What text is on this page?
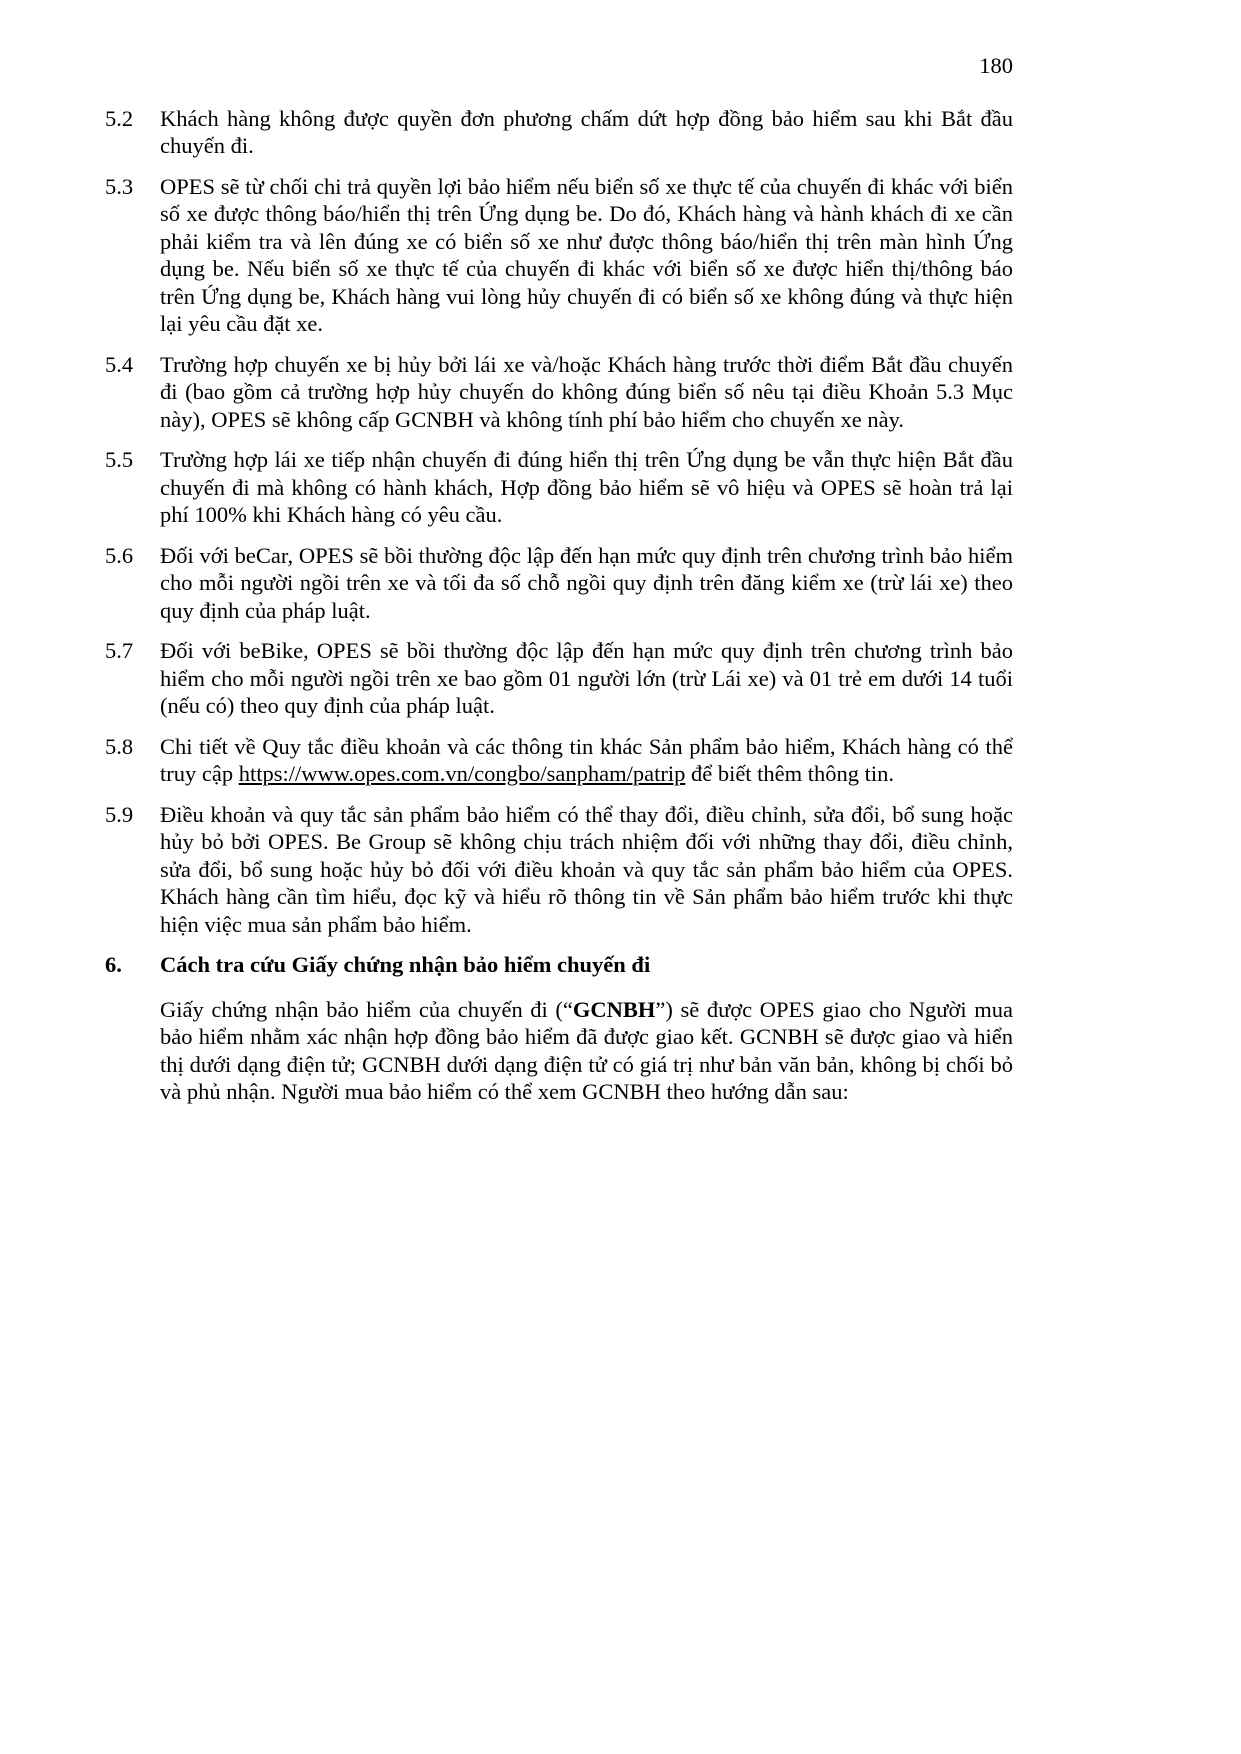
180
5.2	Khách hàng không được quyền đơn phương chấm dứt hợp đồng bảo hiểm sau khi Bắt đầu chuyến đi.
5.3	OPES sẽ từ chối chi trả quyền lợi bảo hiểm nếu biển số xe thực tế của chuyến đi khác với biển số xe được thông báo/hiển thị trên Ứng dụng be. Do đó, Khách hàng và hành khách đi xe cần phải kiểm tra và lên đúng xe có biển số xe như được thông báo/hiển thị trên màn hình Ứng dụng be. Nếu biển số xe thực tế của chuyến đi khác với biển số xe được hiển thị/thông báo trên Ứng dụng be, Khách hàng vui lòng hủy chuyến đi có biển số xe không đúng và thực hiện lại yêu cầu đặt xe.
5.4	Trường hợp chuyến xe bị hủy bởi lái xe và/hoặc Khách hàng trước thời điểm Bắt đầu chuyến đi (bao gồm cả trường hợp hủy chuyến do không đúng biển số nêu tại điều Khoản 5.3 Mục này), OPES sẽ không cấp GCNBH và không tính phí bảo hiểm cho chuyến xe này.
5.5	Trường hợp lái xe tiếp nhận chuyến đi đúng hiển thị trên Ứng dụng be vẫn thực hiện Bắt đầu chuyến đi mà không có hành khách, Hợp đồng bảo hiểm sẽ vô hiệu và OPES sẽ hoàn trả lại phí 100% khi Khách hàng có yêu cầu.
5.6	Đối với beCar, OPES sẽ bồi thường độc lập đến hạn mức quy định trên chương trình bảo hiểm cho mỗi người ngồi trên xe và tối đa số chỗ ngồi quy định trên đăng kiểm xe (trừ lái xe) theo quy định của pháp luật.
5.7	Đối với beBike, OPES sẽ bồi thường độc lập đến hạn mức quy định trên chương trình bảo hiểm cho mỗi người ngồi trên xe bao gồm 01 người lớn (trừ Lái xe) và 01 trẻ em dưới 14 tuổi (nếu có) theo quy định của pháp luật.
5.8	Chi tiết về Quy tắc điều khoản và các thông tin khác Sản phẩm bảo hiểm, Khách hàng có thể truy cập https://www.opes.com.vn/congbo/sanpham/patrip để biết thêm thông tin.
5.9	Điều khoản và quy tắc sản phẩm bảo hiểm có thể thay đổi, điều chỉnh, sửa đổi, bổ sung hoặc hủy bỏ bởi OPES. Be Group sẽ không chịu trách nhiệm đối với những thay đổi, điều chỉnh, sửa đổi, bổ sung hoặc hủy bỏ đối với điều khoản và quy tắc sản phẩm bảo hiểm của OPES. Khách hàng cần tìm hiểu, đọc kỹ và hiểu rõ thông tin về Sản phẩm bảo hiểm trước khi thực hiện việc mua sản phẩm bảo hiểm.
6.	Cách tra cứu Giấy chứng nhận bảo hiểm chuyến đi
Giấy chứng nhận bảo hiểm của chuyến đi (“GCNBH”) sẽ được OPES giao cho Người mua bảo hiểm nhằm xác nhận hợp đồng bảo hiểm đã được giao kết. GCNBH sẽ được giao và hiển thị dưới dạng điện tử; GCNBH dưới dạng điện tử có giá trị như bản văn bản, không bị chối bỏ và phủ nhận. Người mua bảo hiểm có thể xem GCNBH theo hướng dẫn sau:
